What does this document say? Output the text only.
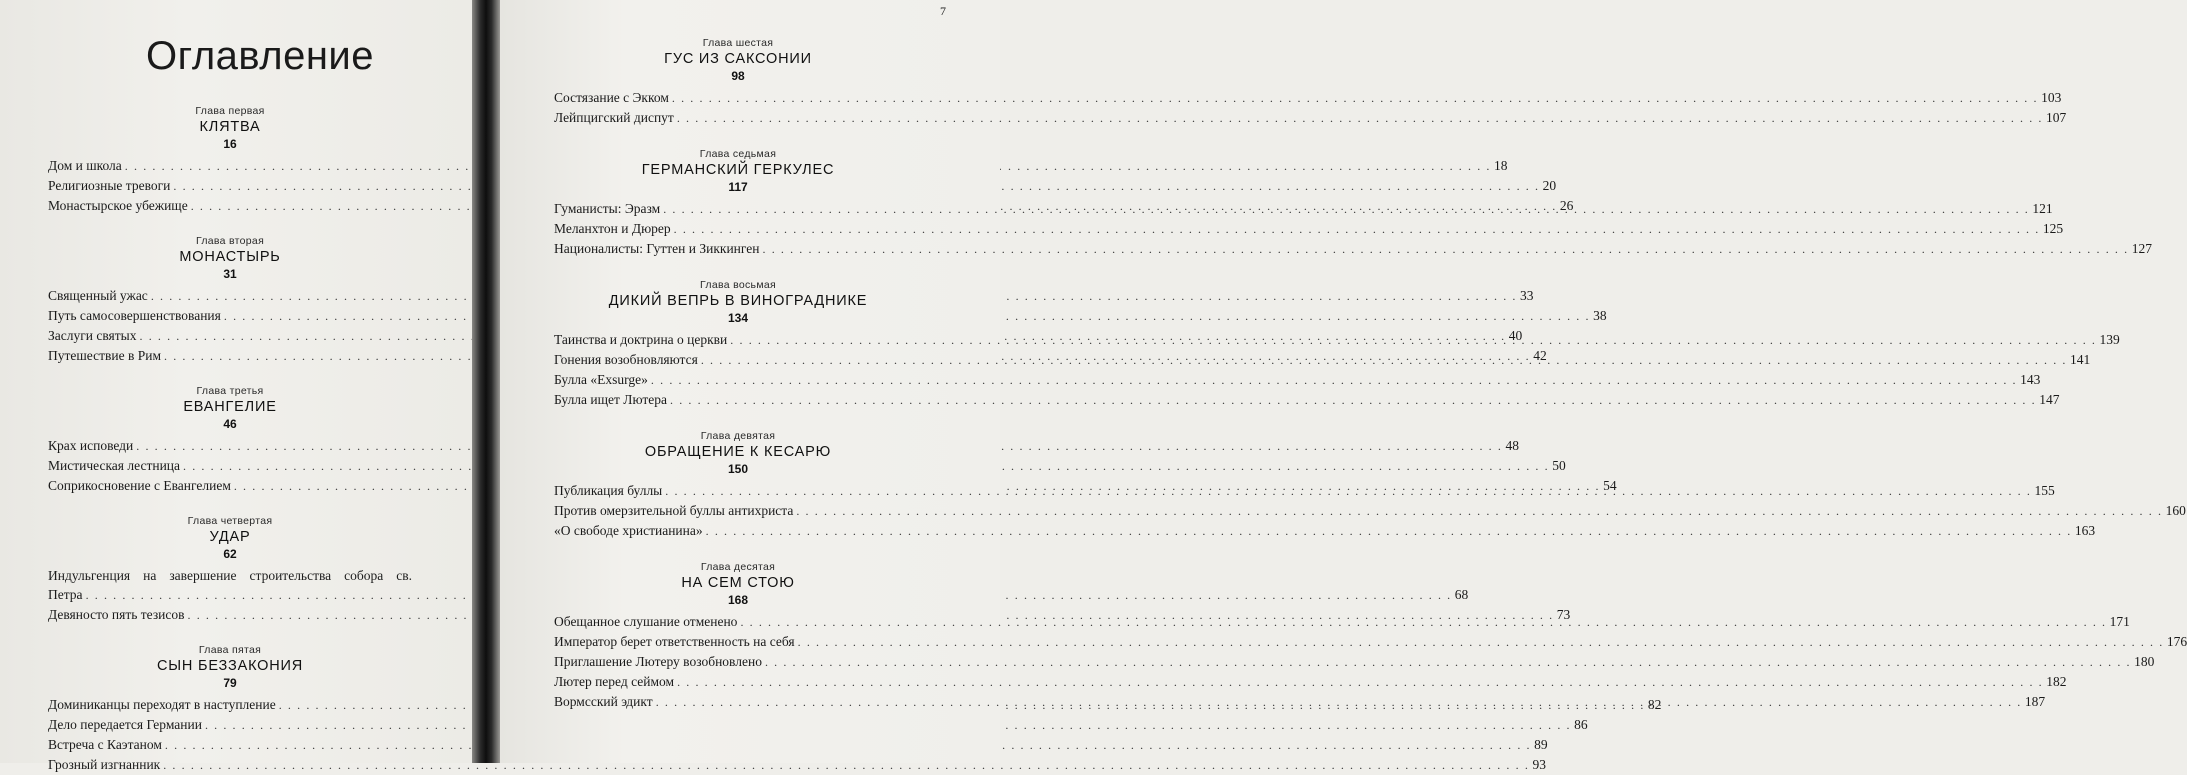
Оглавление
Глава первая
КЛЯТВА
16
Дом и школа . . .	18
Религиозные тревоги . . .	20
Монастырское убежище . . .	26
Глава вторая
МОНАСТЫРЬ
31
Священный ужас . . .	33
Путь самосовершенствования . . .	38
Заслуги святых . . .	40
Путешествие в Рим . . .	42
Глава третья
ЕВАНГЕЛИЕ
46
Крах исповеди . . .	48
Мистическая лестница . . .	50
Соприкосновение с Евангелием . . .	54
Глава четвертая
УДАР
62
Индульгенция на завершение строительства собора св.
Петра . . .	68
Девяносто пять тезисов . . .	73
Глава пятая
СЫН БЕЗЗАКОНИЯ
79
Доминиканцы переходят в наступление . . .	82
Дело передается Германии . . .	86
Встреча с Каэтаном . . .	89
Грозный изгнанник . . .	93
7
Глава шестая
ГУС ИЗ САКСОНИИ
98
Состязание с Экком . . .	103
Лейпцигский диспут . . .	107
Глава седьмая
ГЕРМАНСКИЙ ГЕРКУЛЕС
117
Гуманисты: Эразм . . .	121
Меланхтон и Дюрер . . .	125
Националисты: Гуттен и Зиккинген . . .	127
Глава восьмая
ДИКИЙ ВЕПРЬ В ВИНОГРАДНИКЕ
134
Таинства и доктрина о церкви . . .	139
Гонения возобновляются . . .	141
Булла «Exsurge» . . .	143
Булла ищет Лютера . . .	147
Глава девятая
ОБРАЩЕНИЕ К КЕСАРЮ
150
Публикация буллы . . .	155
Против омерзительной буллы антихриста . . .	160
«О свободе христианина» . . .	163
Глава десятая
НА СЕМ СТОЮ
168
Обещанное слушание отменено . . .	171
Император берет ответственность на себя . . .	176
Приглашение Лютеру возобновлено . . .	180
Лютер перед сеймом . . .	182
Вормсский эдикт . . .	187
